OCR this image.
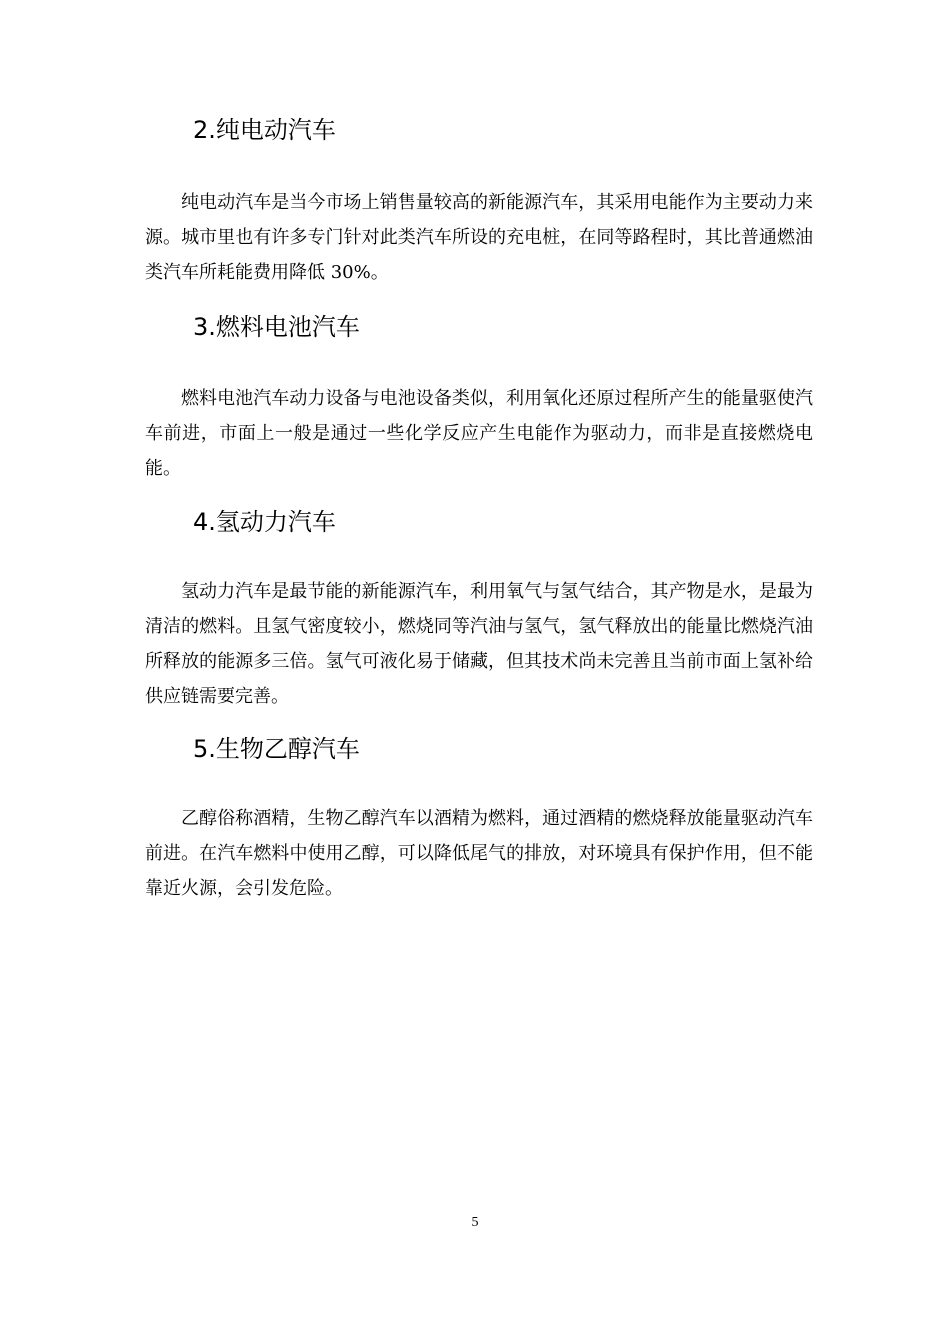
2.纯电动汽车

纯电动汽车是当今市场上销售量较高的新能源汽车，其采用电能作为主要动力来源。城市里也有许多专门针对此类汽车所设的充电桩，在同等路程时，其比普通燃油类汽车所耗能费用降低 30%。

3.燃料电池汽车

燃料电池汽车动力设备与电池设备类似，利用氧化还原过程所产生的能量驱使汽车前进，市面上一般是通过一些化学反应产生电能作为驱动力，而非是直接燃烧电能。

4.氢动力汽车

氢动力汽车是最节能的新能源汽车，利用氧气与氢气结合，其产物是水，是最为清洁的燃料。且氢气密度较小，燃烧同等汽油与氢气，氢气释放出的能量比燃烧汽油所释放的能源多三倍。氢气可液化易于储藏，但其技术尚未完善且当前市面上氢补给供应链需要完善。

5.生物乙醇汽车

乙醇俗称酒精，生物乙醇汽车以酒精为燃料，通过酒精的燃烧释放能量驱动汽车前进。在汽车燃料中使用乙醇，可以降低尾气的排放，对环境具有保护作用，但不能靠近火源，会引发危险。

5
